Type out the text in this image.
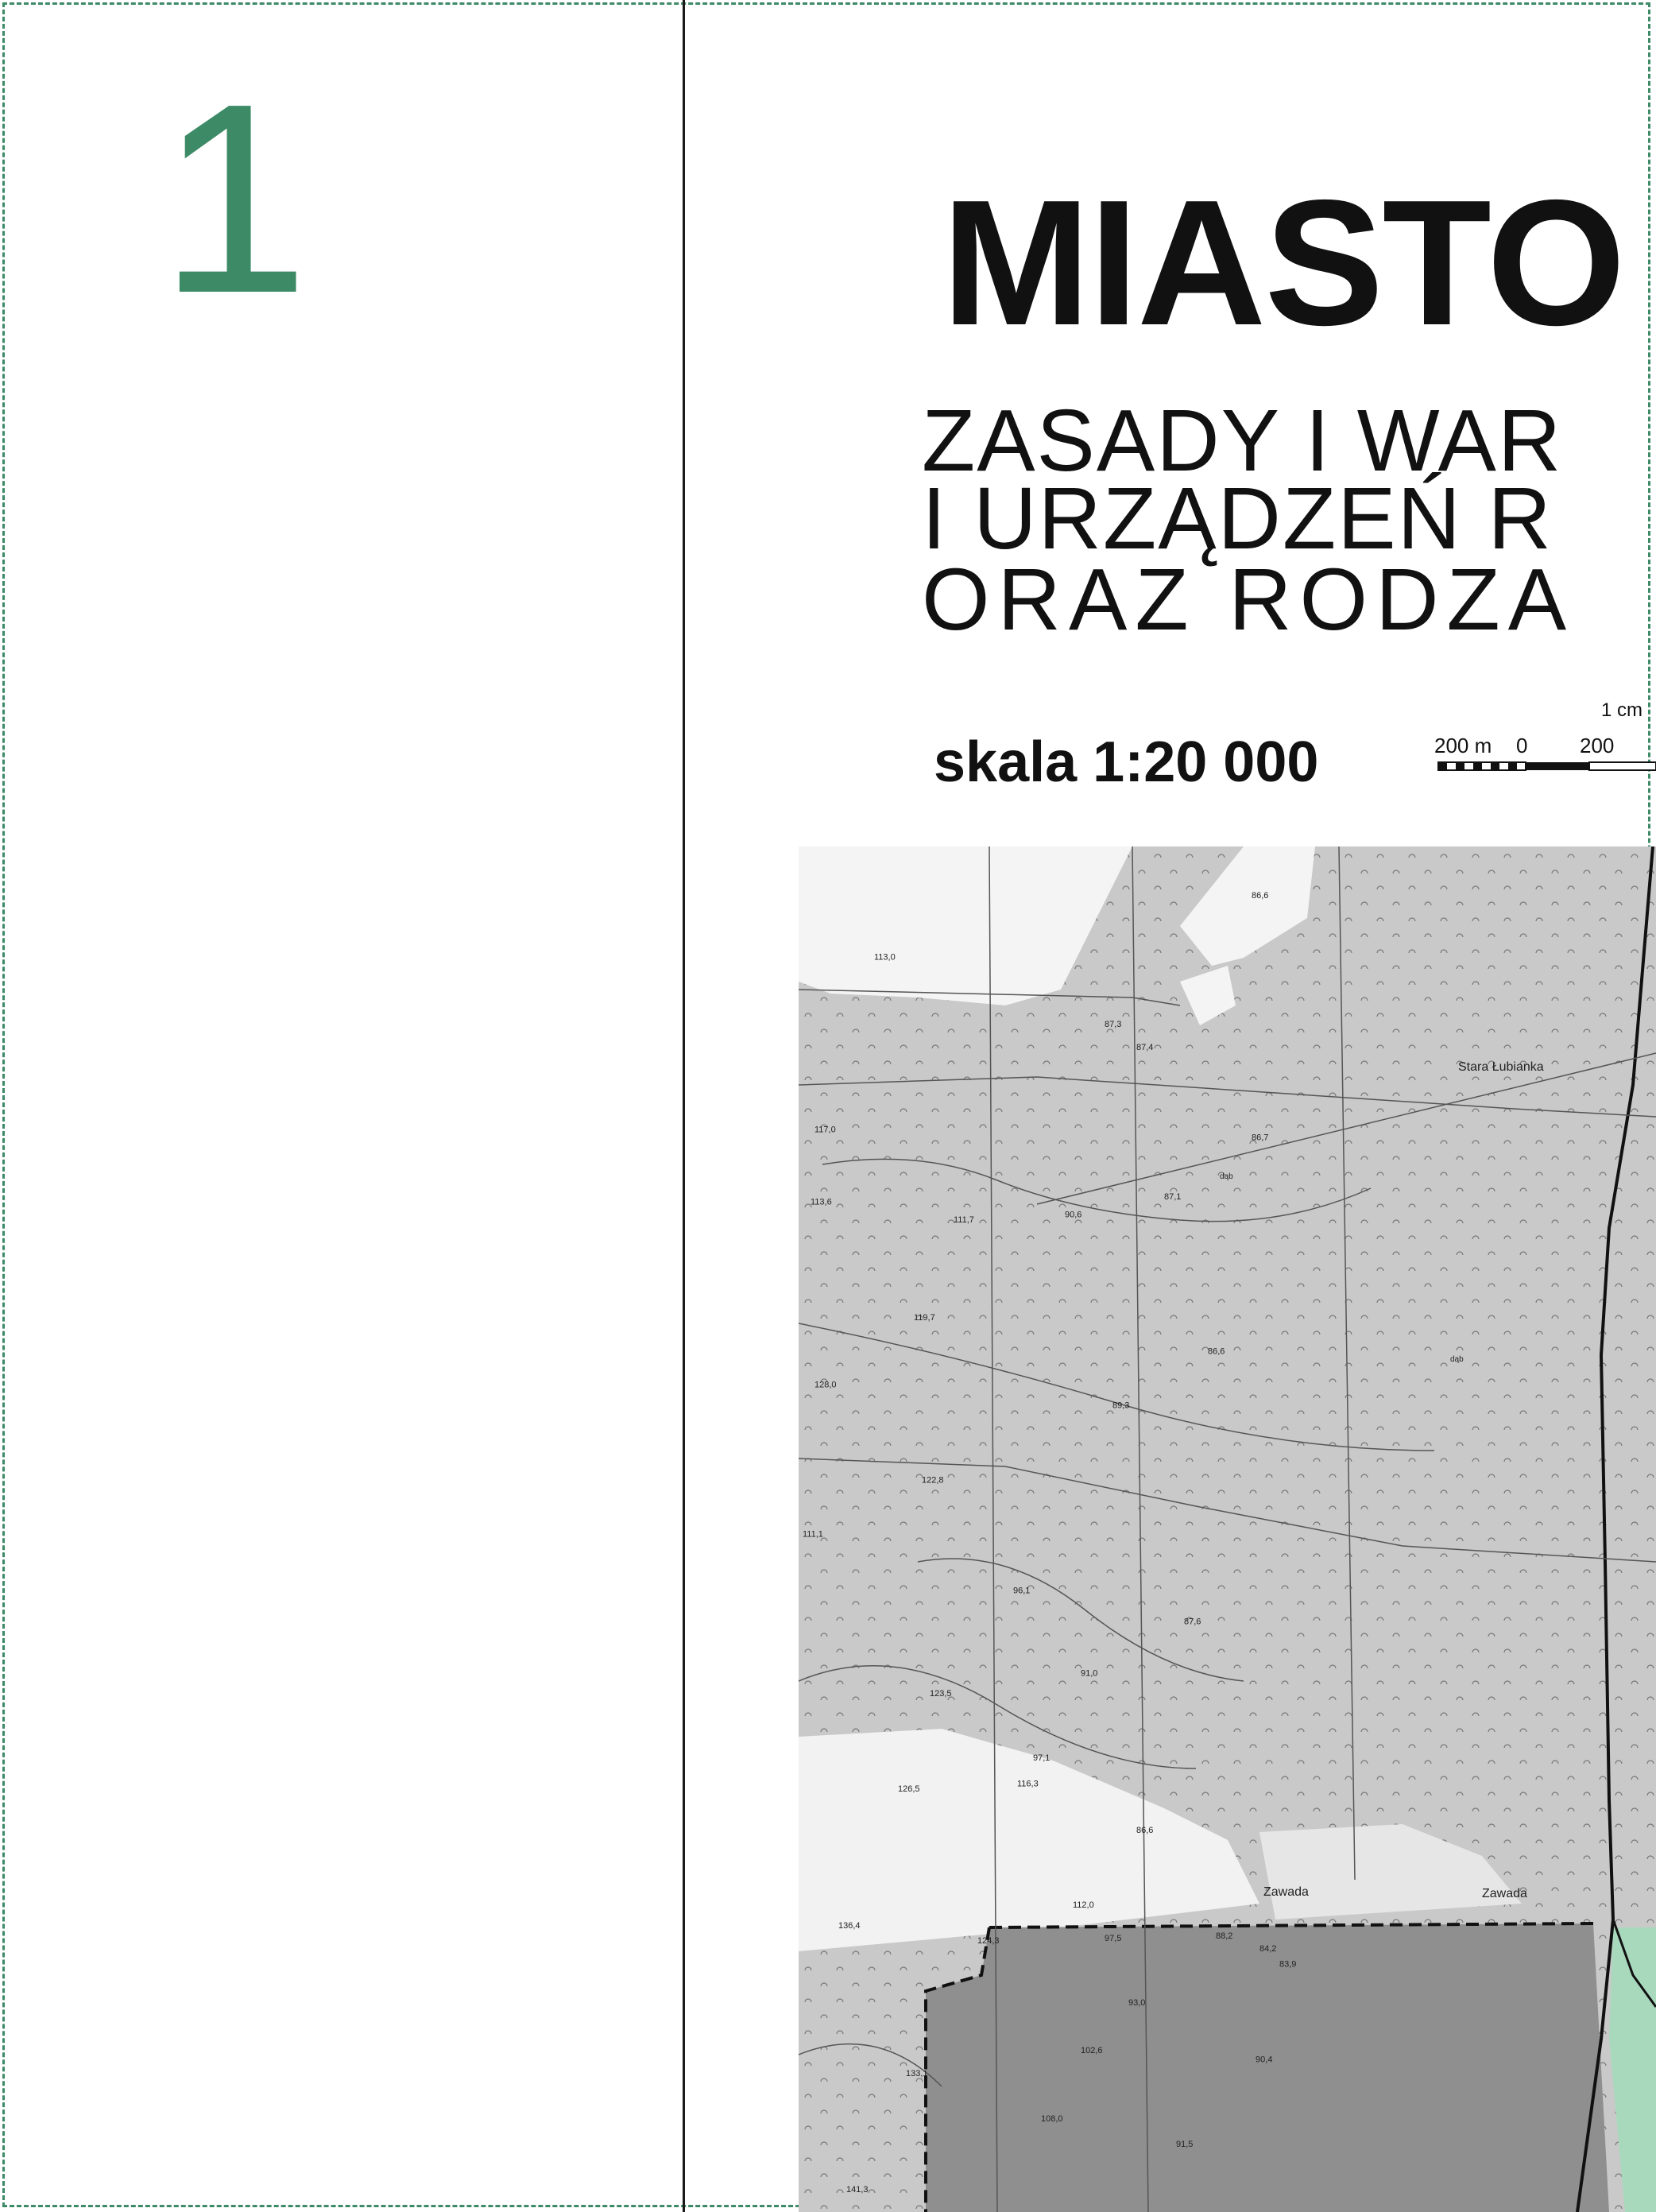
1	MIASTO
ZASADY I WAR
I URZĄDZEŃ R
ORAZ RODZA
skala 1:20 000
1 cm
200 m 0	200
Stara Łubianka
Zawada	Zawada
dąb
dąb
113,0
87,3
87,4
86,6
117,0
113,6
111,7
90,6
87,1
86,7
119,7
128,0
89,3
86,6
122,8
111,1
96,1
87,6
91,0
123,5
97,1
116,3
126,5
86,6
112,0
136,4
124,3	97,5	88,2
83,9
93,0
90,4
84,2
102,6
133,1
108,0
91,5
141,3
